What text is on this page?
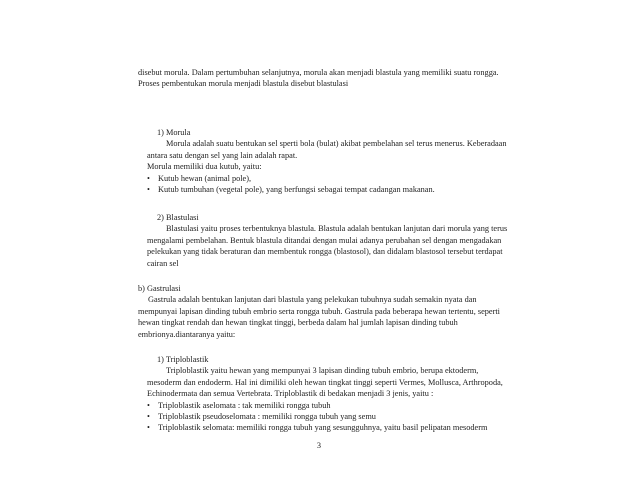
disebut morula. Dalam pertumbuhan selanjutnya, morula akan menjadi blastula yang memiliki suatu rongga.

Proses pembentukan morula menjadi blastula disebut blastulasi

1) Morula

Morula adalah suatu bentukan sel sperti bola (bulat) akibat pembelahan sel terus menerus. Keberadaan

antara satu dengan sel yang lain adalah rapat.

Morula memiliki dua kutub, yaitu:

• Kutub hewan (animal pole),
• Kutub tumbuhan (vegetal pole), yang berfungsi sebagai tempat cadangan makanan.

2) Blastulasi

Blastulasi yaitu proses terbentuknya blastula. Blastula adalah bentukan lanjutan dari morula yang terus

mengalami pembelahan. Bentuk blastula ditandai dengan mulai adanya perubahan sel dengan mengadakan

pelekukan yang tidak beraturan dan membentuk rongga (blastosol), dan didalam blastosol tersebut terdapat

cairan sel

b) Gastrulasi

Gastrula adalah bentukan lanjutan dari blastula yang pelekukan tubuhnya sudah semakin nyata dan

mempunyai lapisan dinding tubuh embrio serta rongga tubuh. Gastrula pada beberapa hewan tertentu, seperti

hewan tingkat rendah dan hewan tingkat tinggi, berbeda dalam hal jumlah lapisan dinding tubuh

embrionya.diantaranya yaitu:

1) Triploblastik

Triploblastik yaitu hewan yang mempunyai 3 lapisan dinding tubuh embrio, berupa ektoderm,

mesoderm dan endoderm. Hal ini dimiliki oleh hewan tingkat tinggi seperti Vermes, Mollusca, Arthropoda,

Echinodermata dan semua Vertebrata. Triploblastik di bedakan menjadi 3 jenis, yaitu :

• Triploblastik aselomata : tak memiliki rongga tubuh
• Triploblastik pseudoselomata : memiliki rongga tubuh yang semu
• Triploblastik selomata: memiliki rongga tubuh yang sesungguhnya, yaitu basil pelipatan mesoderm
3
